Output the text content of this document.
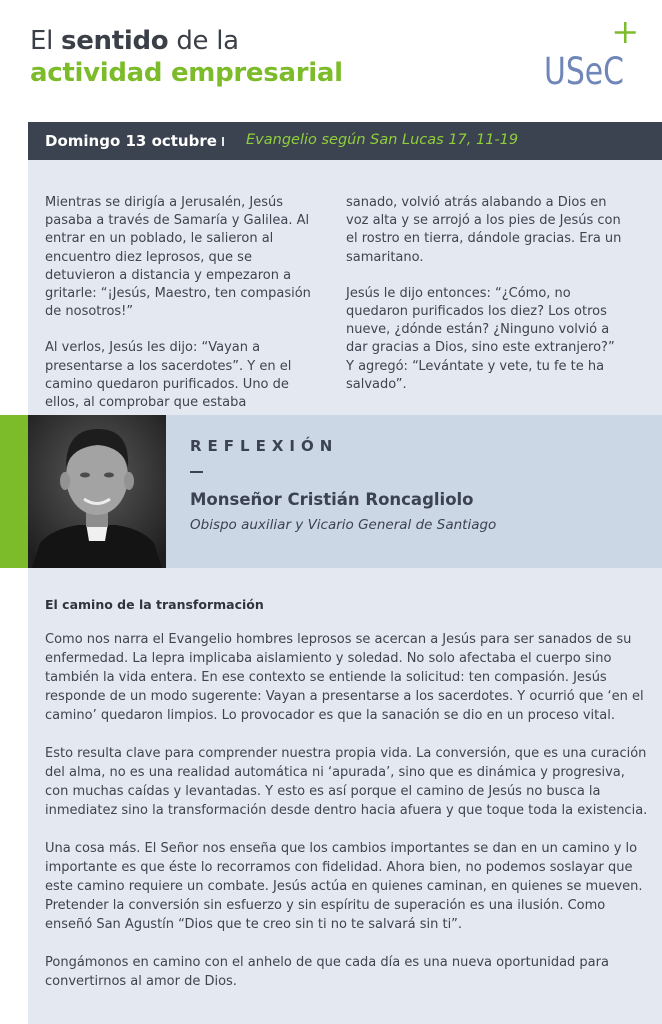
El sentido de la
actividad empresarial	USeC
Domingo 13 octubre Evangelio según San Lucas 17, 11-19

Mientras se dirigía a Jerusalén, Jesús pasaba a través de Samaría y Galilea. Al entrar en un poblado, le salieron al encuentro diez leprosos, que se detuvieron a distancia y empezaron a gritarle: “¡Jesús, Maestro, ten compasión de nosotros!”

Al verlos, Jesús les dijo: “Vayan a presentarse a los sacerdotes”. Y en el camino quedaron purificados. Uno de ellos, al comprobar que estaba

sanado, volvió atrás alabando a Dios en voz alta y se arrojó a los pies de Jesús con el rostro en tierra, dándole gracias. Era un samaritano.

Jesús le dijo entonces: “¿Cómo, no quedaron purificados los diez? Los otros nueve, ¿dónde están? ¿Ninguno volvió a dar gracias a Dios, sino este extranjero?” Y agregó: “Levántate y vete, tu fe te ha salvado”.

REFLEXIÓN
Monseñor Cristián Roncagliolo
Obispo auxiliar y Vicario General de Santiago
El camino de la transformación

Como nos narra el Evangelio hombres leprosos se acercan a Jesús para ser sanados de su enfermedad. La lepra implicaba aislamiento y soledad. No solo afectaba el cuerpo sino también la vida entera. En ese contexto se entiende la solicitud: ten compasión. Jesús responde de un modo sugerente: Vayan a presentarse a los sacerdotes. Y ocurrió que ‘en el camino’ quedaron limpios. Lo provocador es que la sanación se dio en un proceso vital.

Esto resulta clave para comprender nuestra propia vida. La conversión, que es una curación del alma, no es una realidad automática ni ‘apurada’, sino que es dinámica y progresiva, con muchas caídas y levantadas. Y esto es así porque el camino de Jesús no busca la inmediatez sino la transformación desde dentro hacia afuera y que toque toda la existencia.

Una cosa más. El Señor nos enseña que los cambios importantes se dan en un camino y lo importante es que éste lo recorramos con fidelidad. Ahora bien, no podemos soslayar que este camino requiere un combate. Jesús actúa en quienes caminan, en quienes se mueven. Pretender la conversión sin esfuerzo y sin espíritu de superación es una ilusión. Como enseñó San Agustín “Dios que te creo sin ti no te salvará sin ti”.

Pongámonos en camino con el anhelo de que cada día es una nueva oportunidad para convertirnos al amor de Dios.
